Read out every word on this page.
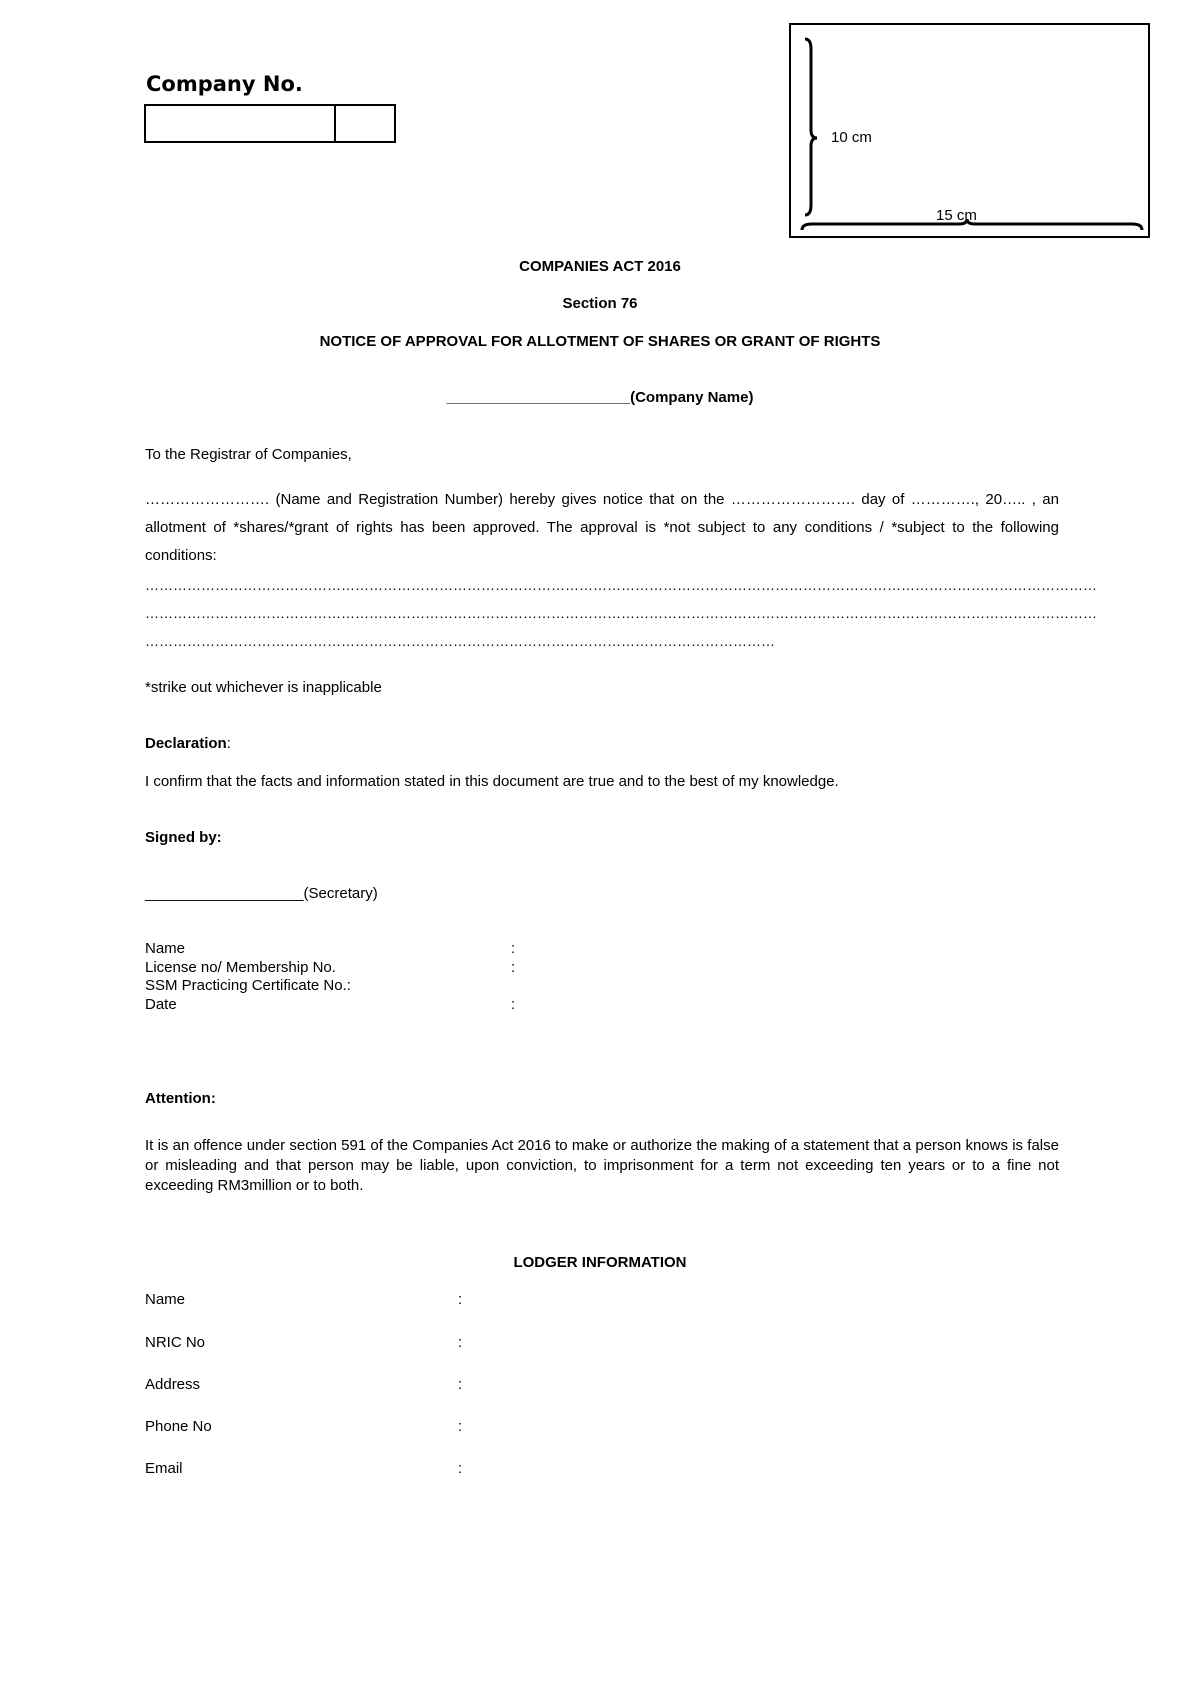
Company No.
10 cm
15 cm
COMPANIES ACT 2016
Section 76
NOTICE OF APPROVAL FOR ALLOTMENT OF SHARES OR GRANT OF RIGHTS
______________________(Company Name)
To the Registrar of Companies,
……………………. (Name and Registration Number) hereby gives notice that on the ……………………. day of …………., 20….. , an allotment of *shares/*grant of rights has been approved. The approval is *not subject to any conditions / *subject to the following conditions:
……………………………………………………………………………………………………………………………………………………………………………………
……………………………………………………………………………………………………………………………………………………………………………………
………………………………………………………………………………………………………………………
*strike out whichever is inapplicable
Declaration:
I confirm that the facts and information stated in this document are true and to the best of my knowledge.
Signed by:
___________________(Secretary)
Name	:
License no/ Membership No.	:
SSM Practicing Certificate No.:
Date	:
Attention:
It is an offence under section 591 of the Companies Act 2016 to make or authorize the making of a statement that a person knows is false or misleading and that person may be liable, upon conviction, to imprisonment for a term not exceeding ten years or to a fine not exceeding RM3million or to both.
LODGER INFORMATION
Name	:
NRIC No	:
Address	:
Phone No	:
Email	:
